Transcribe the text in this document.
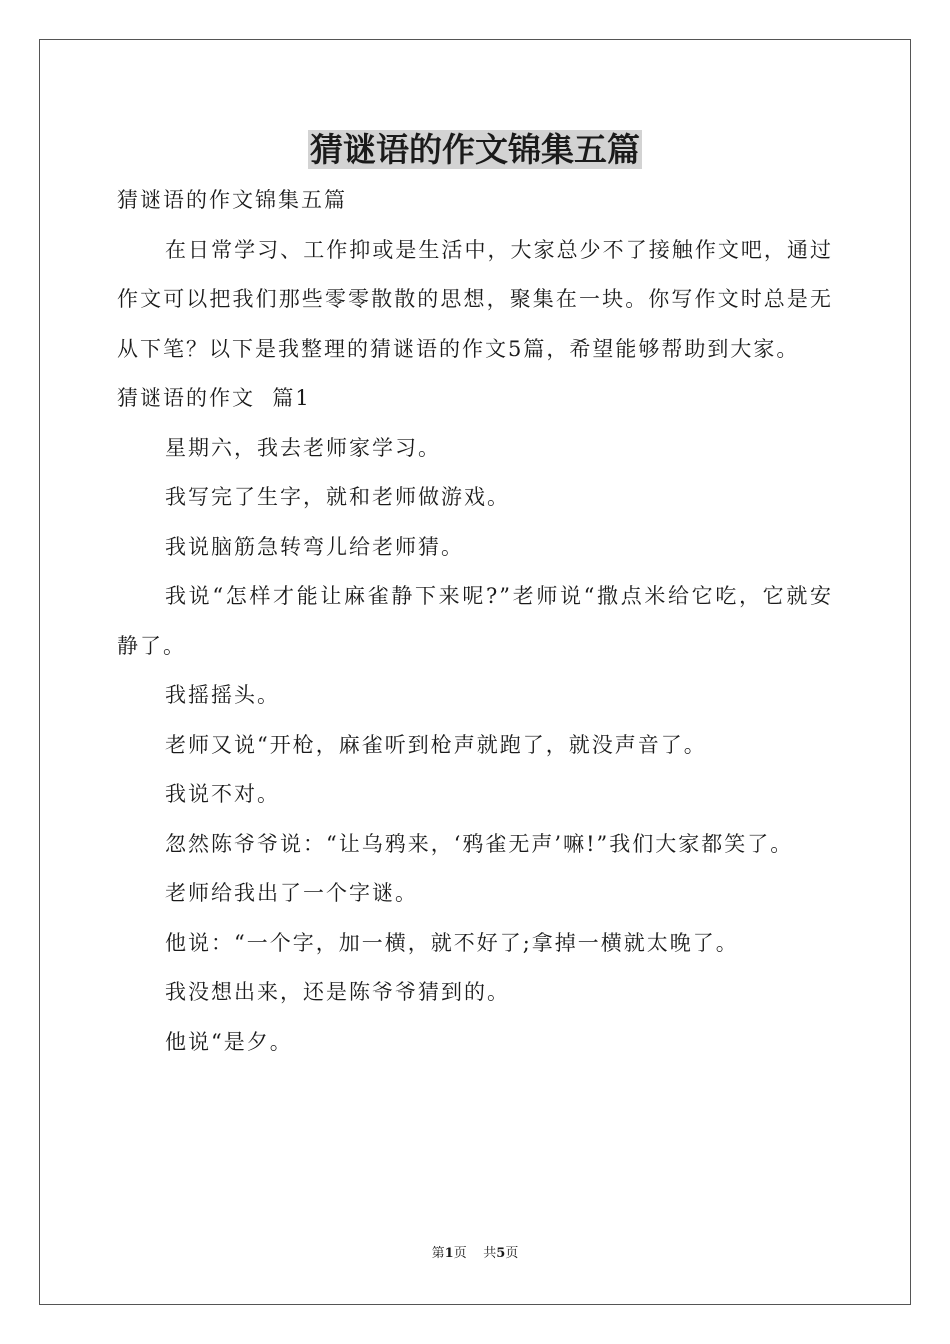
猜谜语的作文锦集五篇

猜谜语的作文锦集五篇

在日常学习、工作抑或是生活中，大家总少不了接触作文吧，通过作文可以把我们那些零零散散的思想，聚集在一块。你写作文时总是无从下笔？以下是我整理的猜谜语的作文5篇，希望能够帮助到大家。

猜谜语的作文  篇1

星期六，我去老师家学习。

我写完了生字，就和老师做游戏。

我说脑筋急转弯儿给老师猜。

我说“怎样才能让麻雀静下来呢?”老师说“撒点米给它吃，它就安静了。

我摇摇头。

老师又说“开枪，麻雀听到枪声就跑了，就没声音了。

我说不对。

忽然陈爷爷说：“让乌鸦来，‘鸦雀无声’嘛!”我们大家都笑了。

老师给我出了一个字谜。

他说：“一个字，加一横，就不好了;拿掉一横就太晚了。

我没想出来，还是陈爷爷猜到的。

他说“是夕。

第1页 共5页
